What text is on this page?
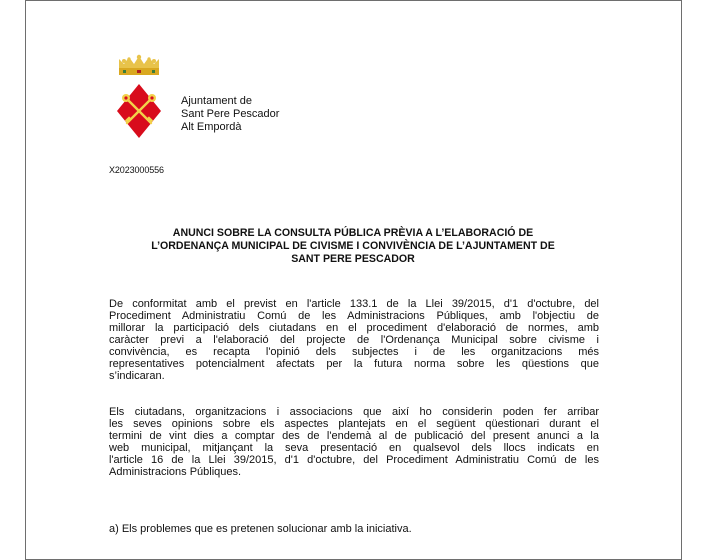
Ajuntament de
Sant Pere Pescador
Alt Empordà
X2023000556
ANUNCI SOBRE LA CONSULTA PÚBLICA PRÈVIA A L’ELABORACIÓ DE
L’ORDENANÇA MUNICIPAL DE CIVISME I CONVIVÈNCIA DE L’AJUNTAMENT DE
SANT PERE PESCADOR
De conformitat amb el previst en l'article 133.1 de la Llei 39/2015, d'1 d'octubre, del
Procediment Administratiu Comú de les Administracions Públiques, amb l'objectiu de
millorar la participació dels ciutadans en el procediment d'elaboració de normes, amb
caràcter previ a l'elaboració del projecte de l'Ordenança Municipal sobre civisme i
convivència, es recapta l'opinió dels subjectes i de les organitzacions més
representatives potencialment afectats per la futura norma sobre les qüestions que
s’indicaran.
Els ciutadans, organitzacions i associacions que així ho considerin poden fer arribar
les seves opinions sobre els aspectes plantejats en el següent qüestionari durant el
termini de vint dies a comptar des de l'endemà al de publicació del present anunci a la
web municipal, mitjançant la seva presentació en qualsevol dels llocs indicats en
l'article 16 de la Llei 39/2015, d'1 d'octubre, del Procediment Administratiu Comú de les
Administracions Públiques.
a) Els problemes que es pretenen solucionar amb la iniciativa.
